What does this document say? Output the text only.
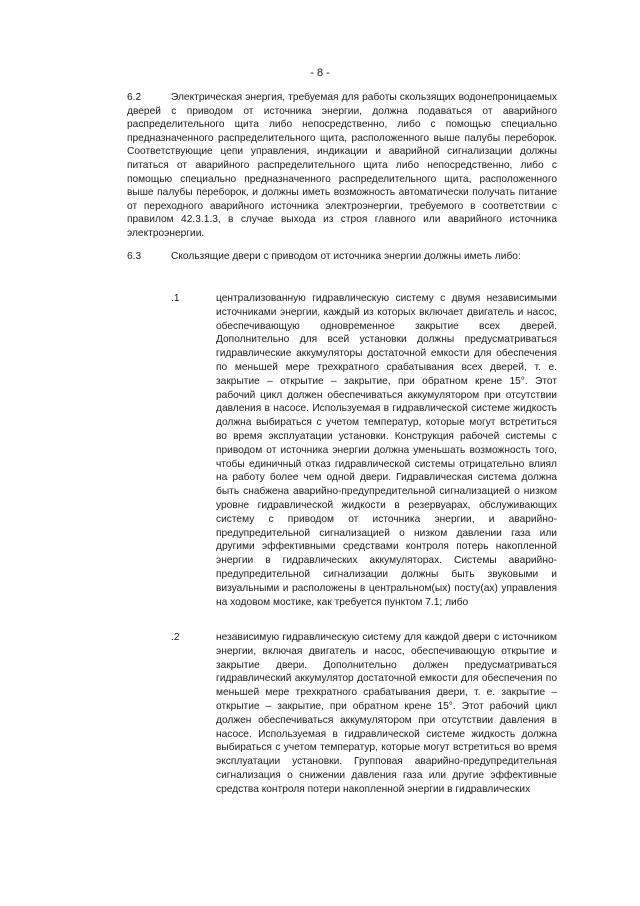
- 8 -
6.2	Электрическая энергия, требуемая для работы скользящих водонепроницаемых дверей с приводом от источника энергии, должна подаваться от аварийного распределительного щита либо непосредственно, либо с помощью специально предназначенного распределительного щита, расположенного выше палубы переборок. Соответствующие цепи управления, индикации и аварийной сигнализации должны питаться от аварийного распределительного щита либо непосредственно, либо с помощью специально предназначенного распределительного щита, расположенного выше палубы переборок, и должны иметь возможность автоматически получать питание от переходного аварийного источника электроэнергии, требуемого в соответствии с правилом 42.3.1.3, в случае выхода из строя главного или аварийного источника электроэнергии.
6.3	Скользящие двери с приводом от источника энергии должны иметь либо:
.1	централизованную гидравлическую систему с двумя независимыми источниками энергии, каждый из которых включает двигатель и насос, обеспечивающую одновременное закрытие всех дверей. Дополнительно для всей установки должны предусматриваться гидравлические аккумуляторы достаточной емкости для обеспечения по меньшей мере трехкратного срабатывания всех дверей, т. е. закрытие – открытие – закрытие, при обратном крене 15°. Этот рабочий цикл должен обеспечиваться аккумулятором при отсутствии давления в насосе. Используемая в гидравлической системе жидкость должна выбираться с учетом температур, которые могут встретиться во время эксплуатации установки. Конструкция рабочей системы с приводом от источника энергии должна уменьшать возможность того, чтобы единичный отказ гидравлической системы отрицательно влиял на работу более чем одной двери. Гидравлическая система должна быть снабжена аварийно-предупредительной сигнализацией о низком уровне гидравлической жидкости в резервуарах, обслуживающих систему с приводом от источника энергии, и аварийно-предупредительной сигнализацией о низком давлении газа или другими эффективными средствами контроля потерь накопленной энергии в гидравлических аккумуляторах. Системы аварийно-предупредительной сигнализации должны быть звуковыми и визуальными и расположены в центральном(ых) посту(ах) управления на ходовом мостике, как требуется пунктом 7.1; либо
.2	независимую гидравлическую систему для каждой двери с источником энергии, включая двигатель и насос, обеспечивающую открытие и закрытие двери. Дополнительно должен предусматриваться гидравлический аккумулятор достаточной емкости для обеспечения по меньшей мере трехкратного срабатывания двери, т. е. закрытие – открытие – закрытие, при обратном крене 15°. Этот рабочий цикл должен обеспечиваться аккумулятором при отсутствии давления в насосе. Используемая в гидравлической системе жидкость должна выбираться с учетом температур, которые могут встретиться во время эксплуатации установки. Групповая аварийно-предупредительная сигнализация о снижении давления газа или другие эффективные средства контроля потери накопленной энергии в гидравлических
